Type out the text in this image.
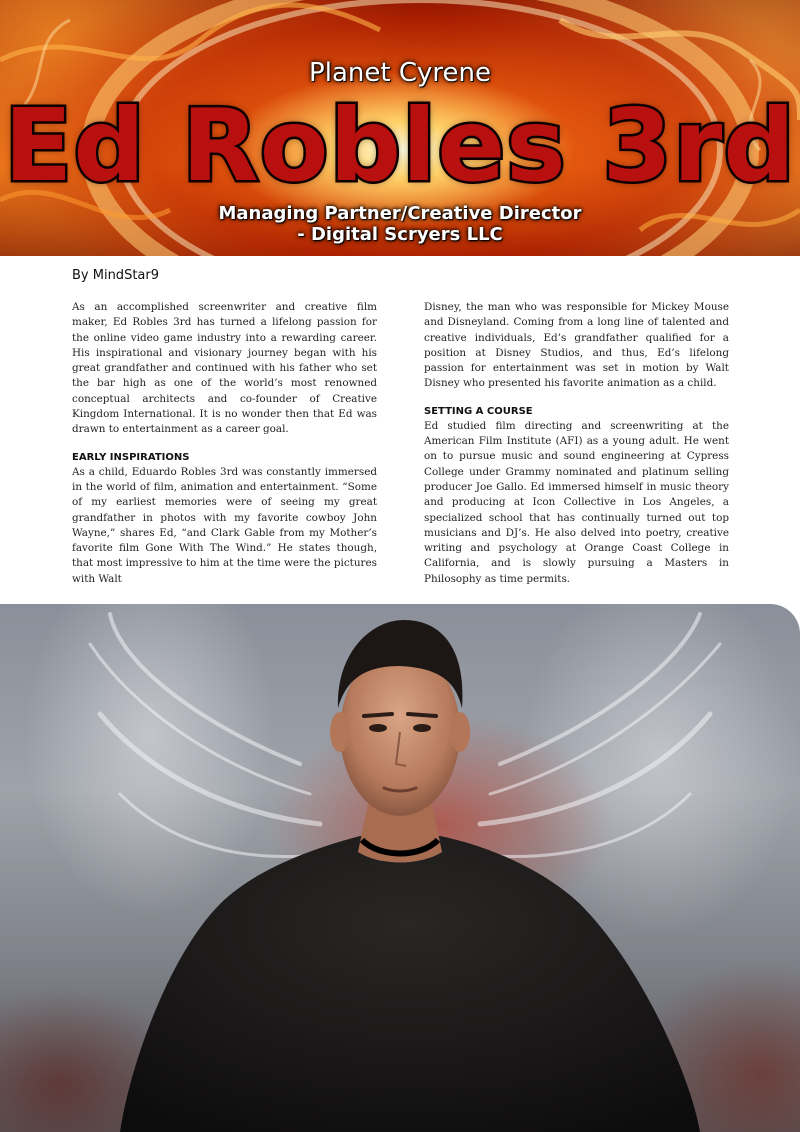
Planet Cyrene
Ed Robles 3rd
Managing Partner/Creative Director
- Digital Scryers LLC
By MindStar9

As an accomplished screenwriter and creative film maker, Ed Robles 3rd has turned a lifelong passion for the online video game industry into a rewarding career. His inspirational and visionary journey began with his great grandfather and continued with his father who set the bar high as one of the world’s most renowned conceptual architects and co-founder of Creative Kingdom International. It is no wonder then that Ed was drawn to entertainment as a career goal.

EARLY INSPIRATIONS

As a child, Eduardo Robles 3rd was constantly immersed in the world of film, animation and entertainment. “Some of my earliest memories were of seeing my great grandfather in photos with my favorite cowboy John Wayne,” shares Ed, “and Clark Gable from my Mother’s favorite film Gone With The Wind.” He states though, that most impressive to him at the time were the pictures with Walt

Disney, the man who was responsible for Mickey Mouse and Disneyland. Coming from a long line of talented and creative individuals, Ed’s grandfather qualified for a position at Disney Studios, and thus, Ed’s lifelong passion for entertainment was set in motion by Walt Disney who presented his favorite animation as a child.

SETTING A COURSE

Ed studied film directing and screenwriting at the American Film Institute (AFI) as a young adult. He went on to pursue music and sound engineering at Cypress College under Grammy nominated and platinum selling producer Joe Gallo. Ed immersed himself in music theory and producing at Icon Collective in Los Angeles, a specialized school that has continually turned out top musicians and DJ’s. He also delved into poetry, creative writing and psychology at Orange Coast College in California, and is slowly pursuing a Masters in Philosophy as time permits.
